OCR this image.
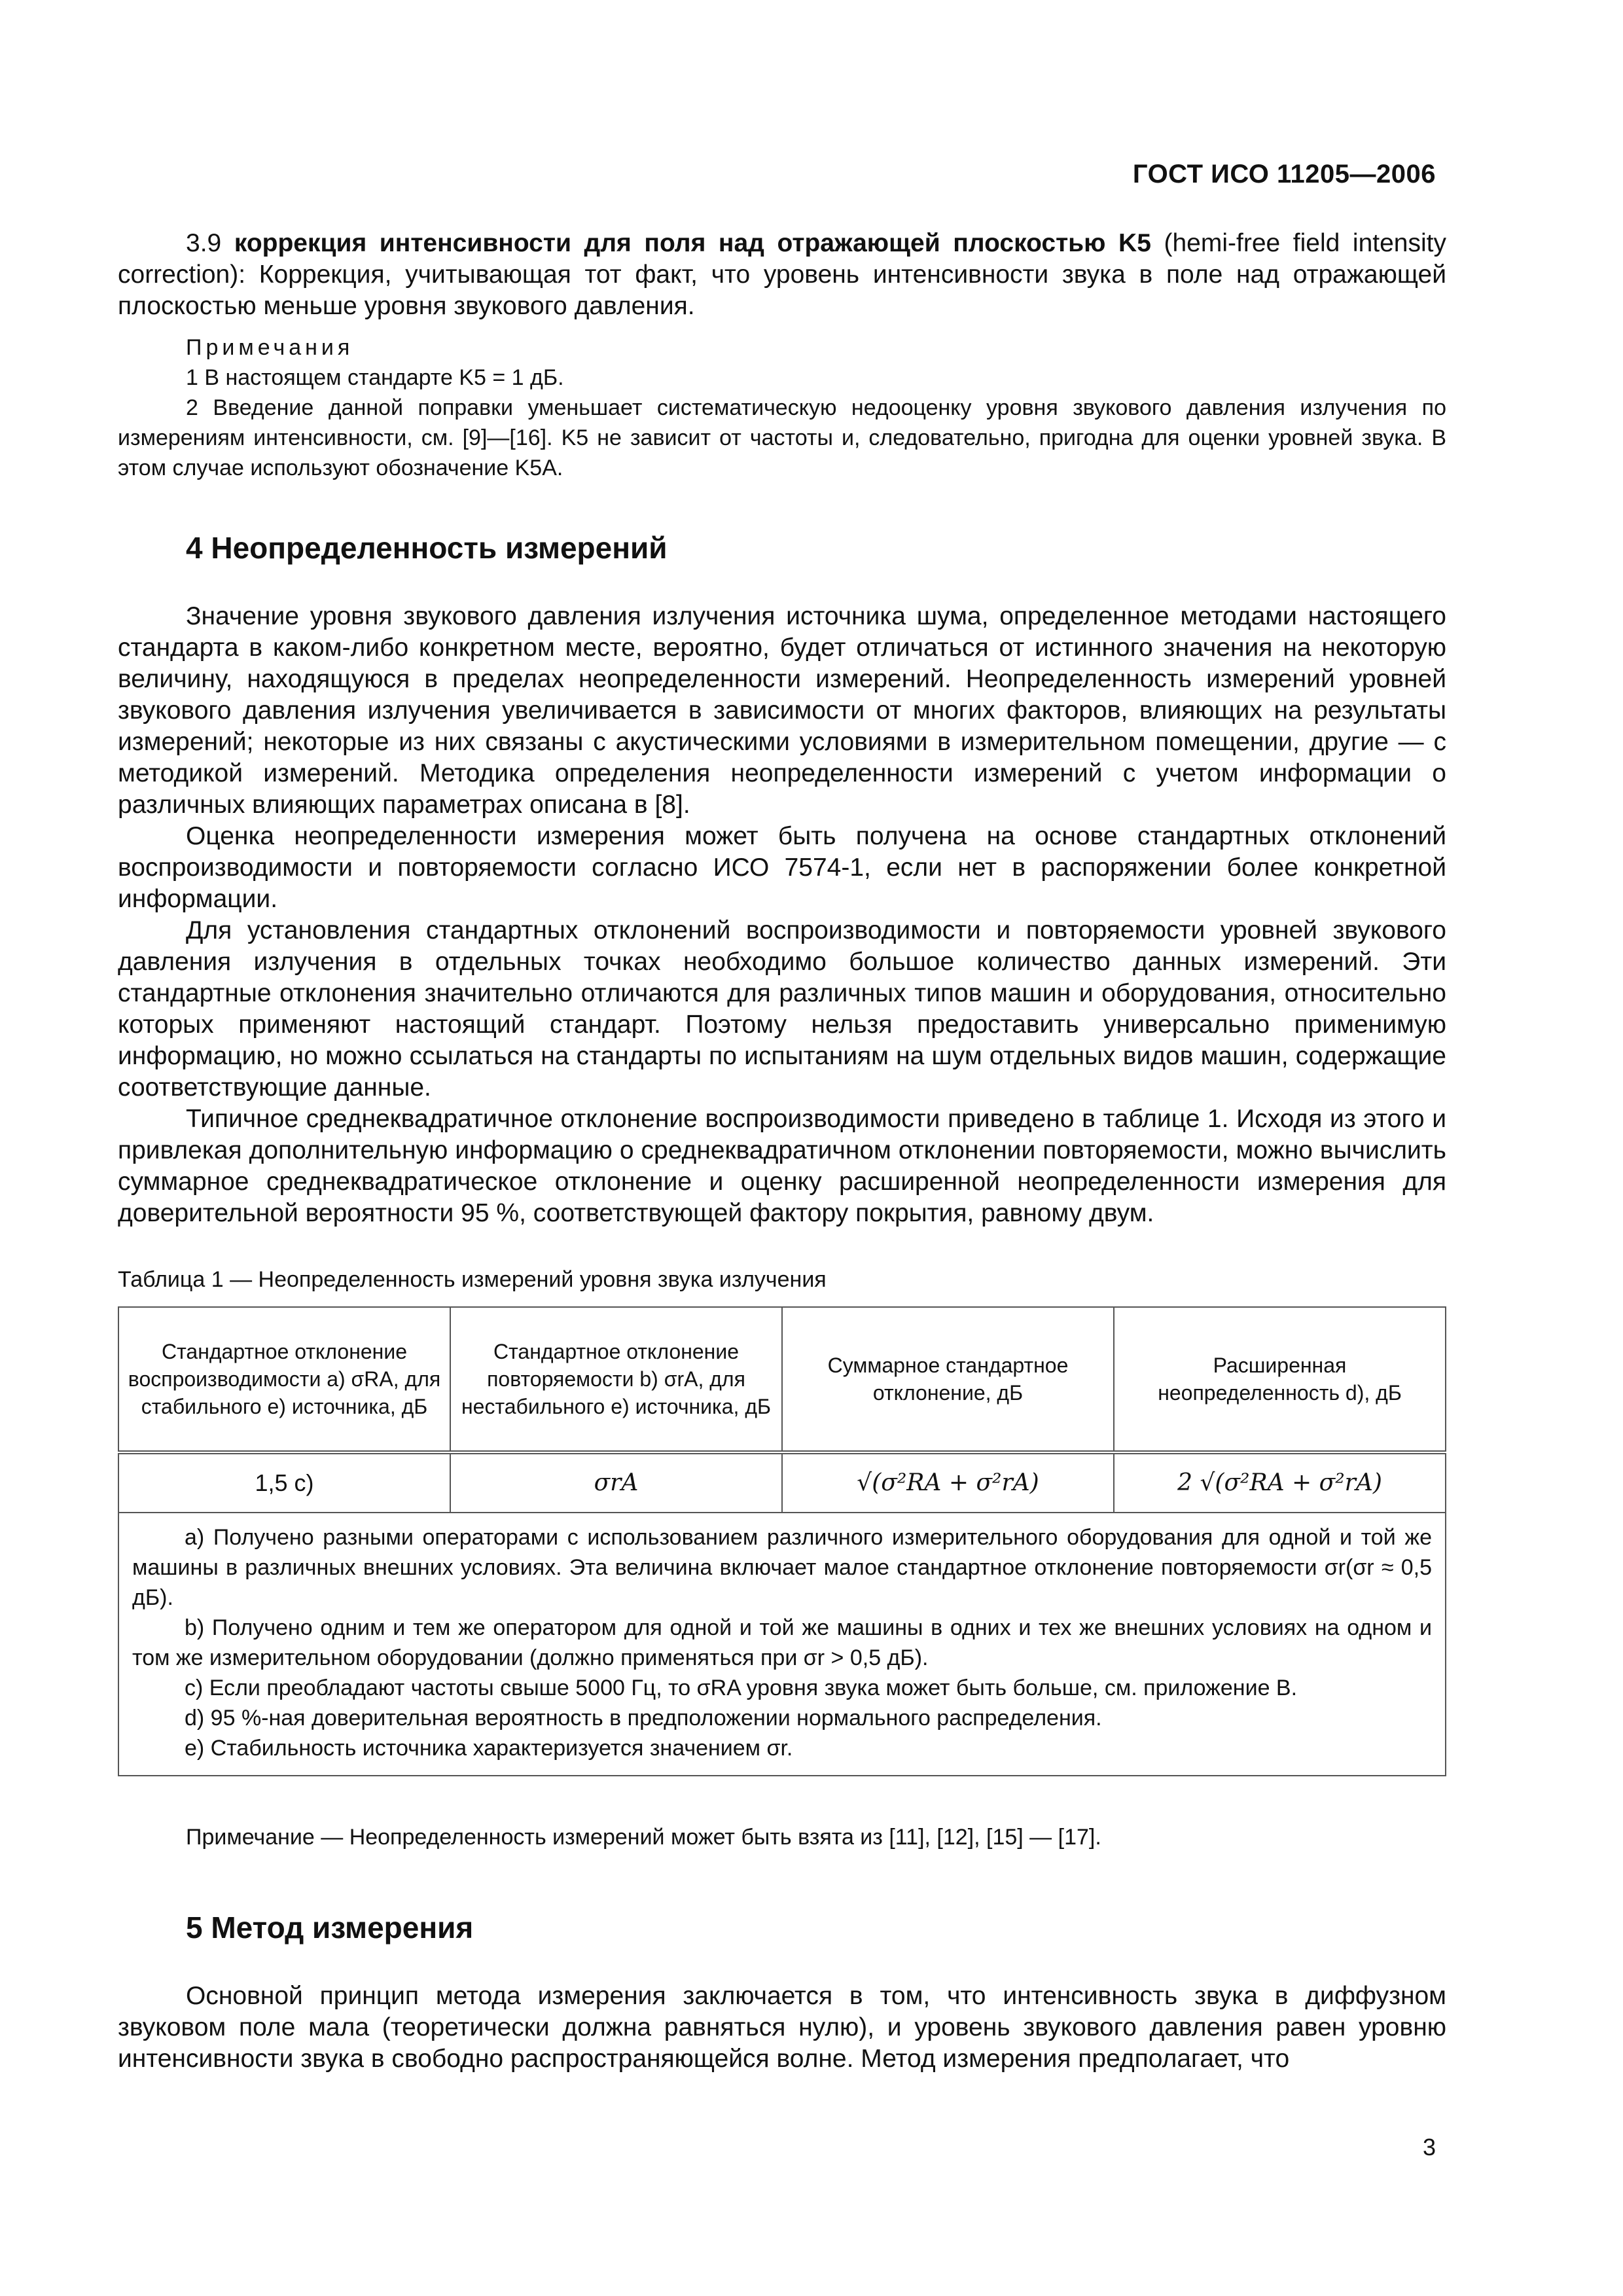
ГОСТ ИСО 11205—2006

3.9 коррекция интенсивности для поля над отражающей плоскостью K5 (hemi-free field intensity correction): Коррекция, учитывающая тот факт, что уровень интенсивности звука в поле над отражающей плоскостью меньше уровня звукового давления.

Примечания

1 В настоящем стандарте K5 = 1 дБ.

2 Введение данной поправки уменьшает систематическую недооценку уровня звукового давления излучения по измерениям интенсивности, см. [9]—[16]. K5 не зависит от частоты и, следовательно, пригодна для оценки уровней звука. В этом случае используют обозначение K5A.

4 Неопределенность измерений

Значение уровня звукового давления излучения источника шума, определенное методами настоящего стандарта в каком-либо конкретном месте, вероятно, будет отличаться от истинного значения на некоторую величину, находящуюся в пределах неопределенности измерений. Неопределенность измерений уровней звукового давления излучения увеличивается в зависимости от многих факторов, влияющих на результаты измерений; некоторые из них связаны с акустическими условиями в измерительном помещении, другие — с методикой измерений. Методика определения неопределенности измерений с учетом информации о различных влияющих параметрах описана в [8].

Оценка неопределенности измерения может быть получена на основе стандартных отклонений воспроизводимости и повторяемости согласно ИСО 7574-1, если нет в распоряжении более конкретной информации.

Для установления стандартных отклонений воспроизводимости и повторяемости уровней звукового давления излучения в отдельных точках необходимо большое количество данных измерений. Эти стандартные отклонения значительно отличаются для различных типов машин и оборудования, относительно которых применяют настоящий стандарт. Поэтому нельзя предоставить универсально применимую информацию, но можно ссылаться на стандарты по испытаниям на шум отдельных видов машин, содержащие соответствующие данные.

Типичное среднеквадратичное отклонение воспроизводимости приведено в таблице 1. Исходя из этого и привлекая дополнительную информацию о среднеквадратичном отклонении повторяемости, можно вычислить суммарное среднеквадратическое отклонение и оценку расширенной неопределенности измерения для доверительной вероятности 95 %, соответствующей фактору покрытия, равному двум.

Таблица 1 — Неопределенность измерений уровня звука излучения
Стандартное отклонение воспроизводимости a) σRA, для стабильного e) источника, дБ	Стандартное отклонение повторяемости b) σrA, для нестабильного e) источника, дБ	Суммарное стандартное отклонение, дБ	Расширенная неопределенность d), дБ
1,5 c)	σrA	√(σ²RA + σ²rA)	2 √(σ²RA + σ²rA)

a) Получено разными операторами с использованием различного измерительного оборудования для одной и той же машины в различных внешних условиях. Эта величина включает малое стандартное отклонение повторяемости σr(σr ≈ 0,5 дБ).

b) Получено одним и тем же оператором для одной и той же машины в одних и тех же внешних условиях на одном и том же измерительном оборудовании (должно применяться при σr > 0,5 дБ).

c) Если преобладают частоты свыше 5000 Гц, то σRA уровня звука может быть больше, см. приложение В.

d) 95 %-ная доверительная вероятность в предположении нормального распределения.

e) Стабильность источника характеризуется значением σr.			

Примечание — Неопределенность измерений может быть взята из [11], [12], [15] — [17].

5 Метод измерения

Основной принцип метода измерения заключается в том, что интенсивность звука в диффузном звуковом поле мала (теоретически должна равняться нулю), и уровень звукового давления равен уровню интенсивности звука в свободно распространяющейся волне. Метод измерения предполагает, что

3
